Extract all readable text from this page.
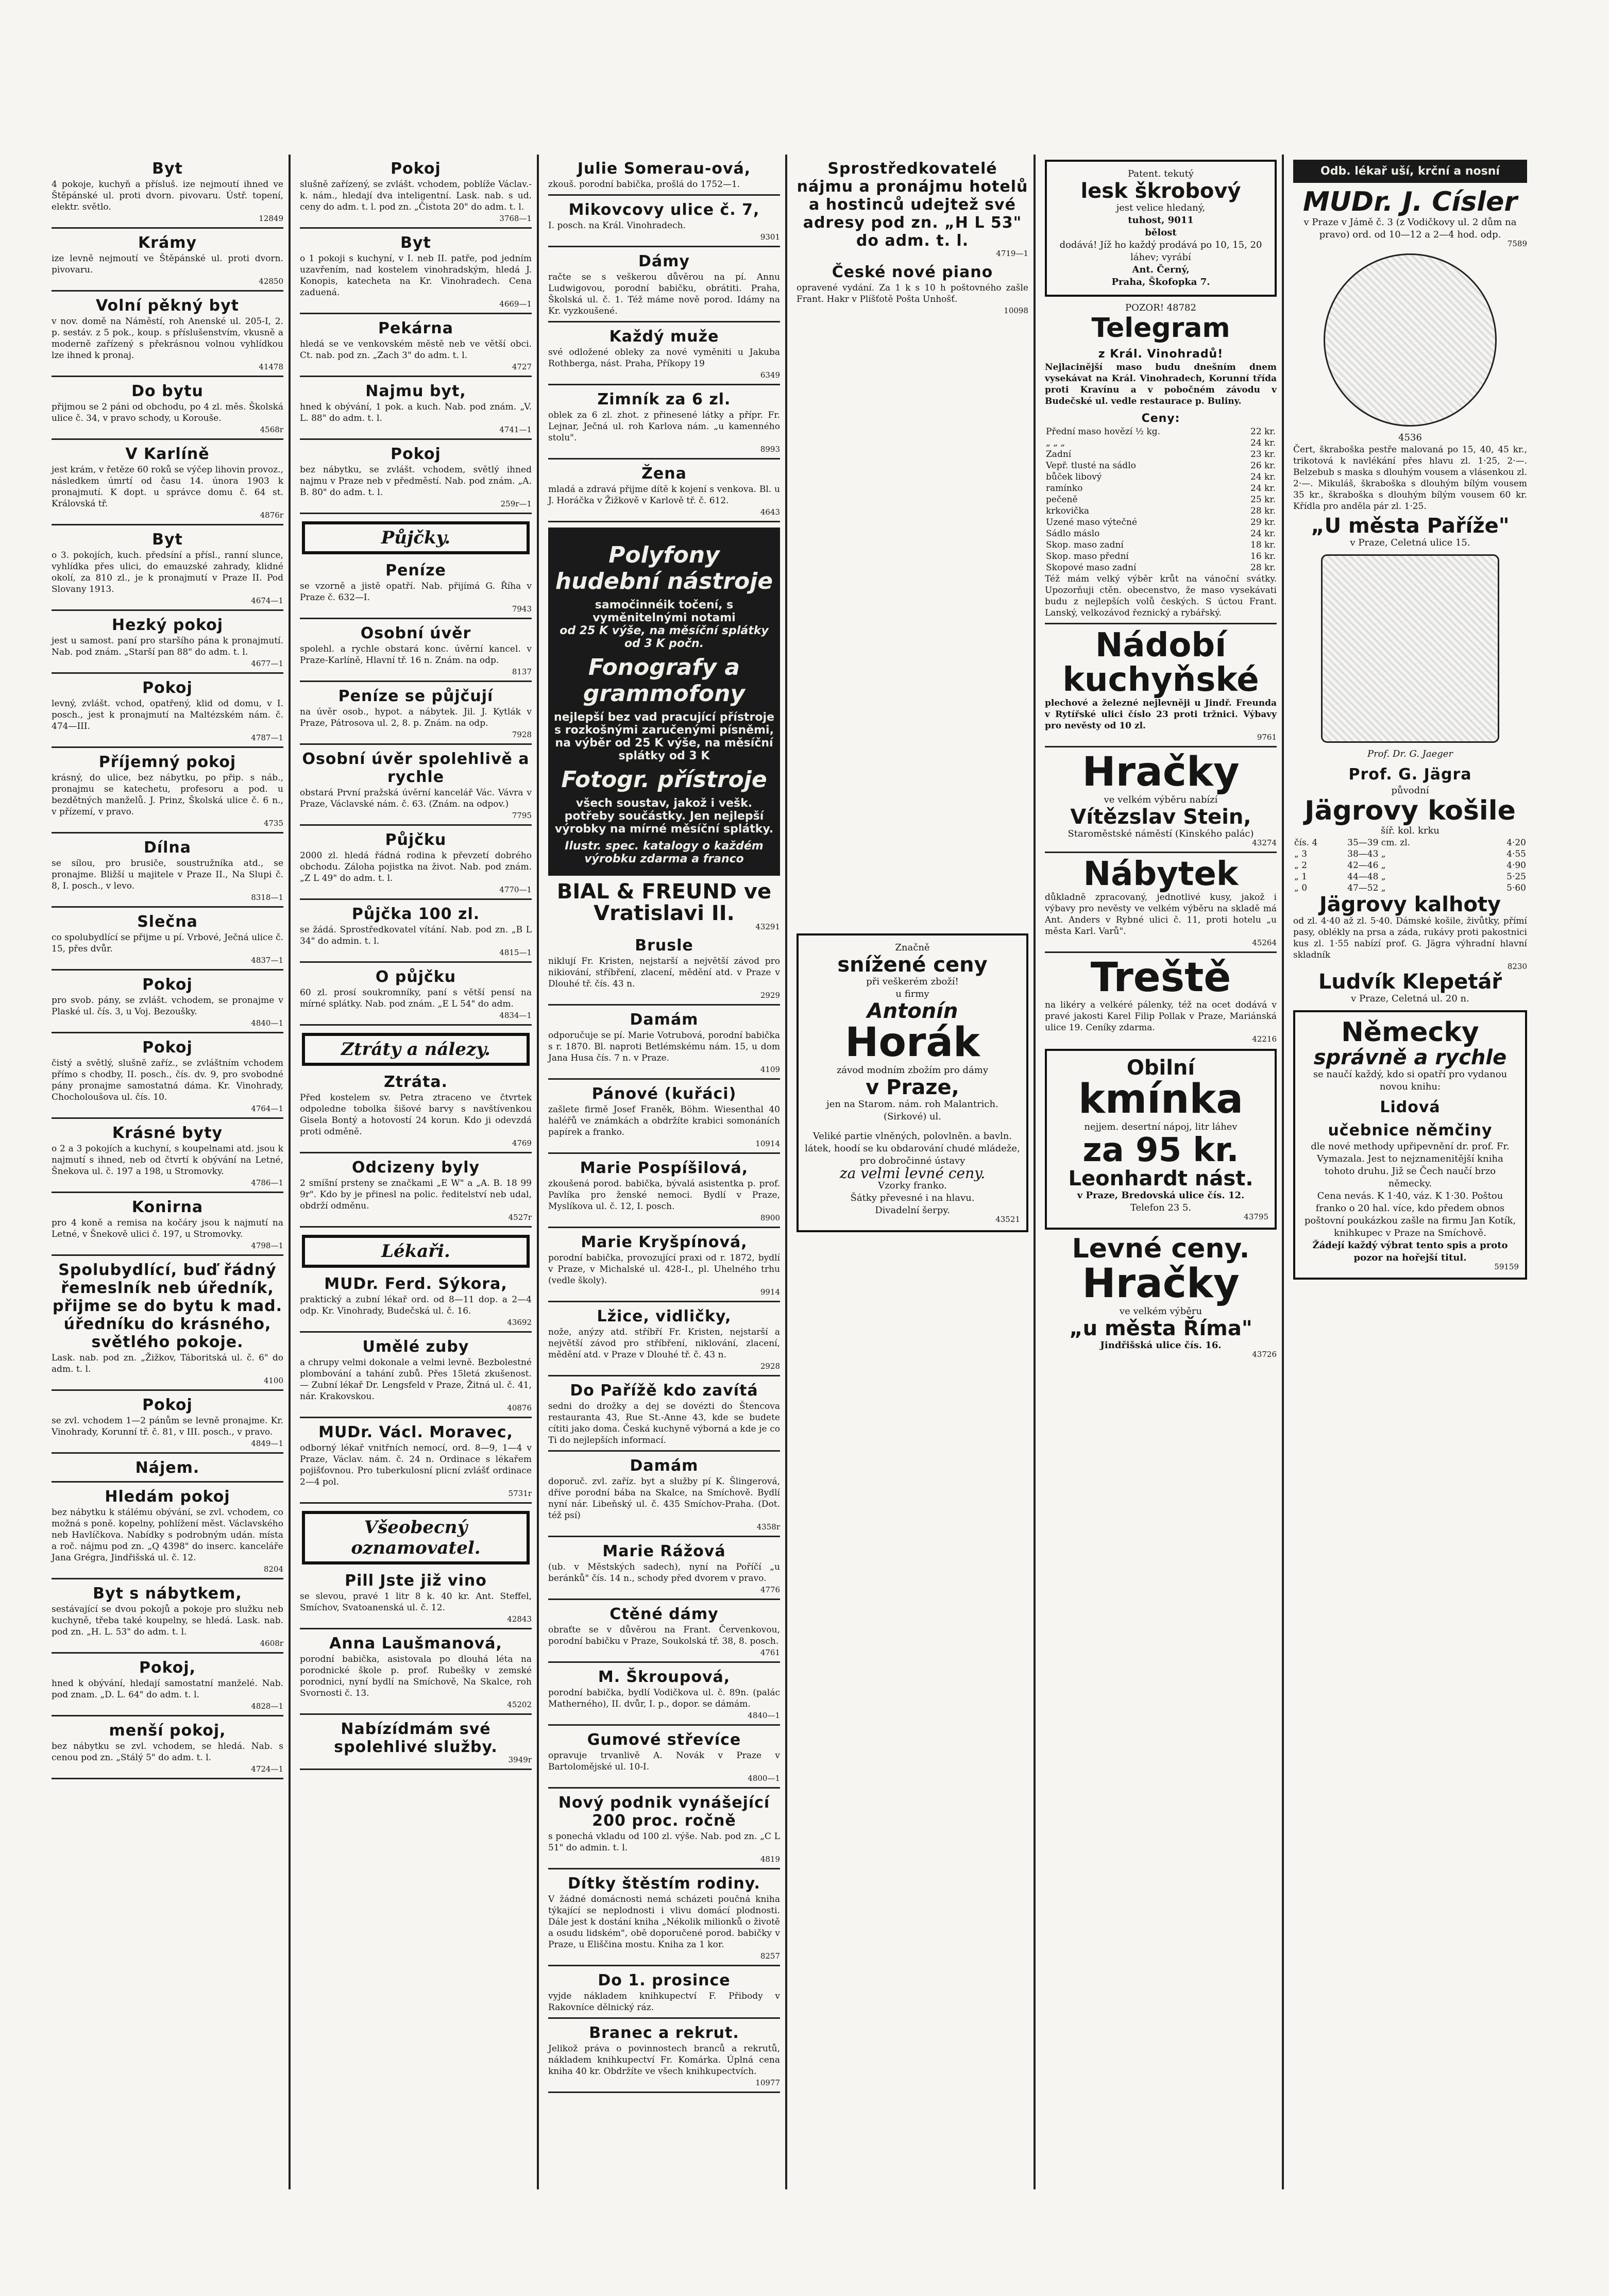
Byt

4 pokoje, kuchyň a přísluš. ize nejmoutí ihned ve Štěpánské ul. proti dvorn. pivovaru. Ústř. topení, elektr. světlo.

12849
Krámy

ize levně nejmoutí ve Štěpánské ul. proti dvorn. pivovaru.

42850
Volní pěkný byt

v nov. domě na Náměstí, roh Anenské ul. 205-I, 2. p. sestáv. z 5 pok., koup. s příslušenstvím, vkusně a moderně zařízený s překrásnou volnou vyhlídkou lze ihned k pronaj.

41478
Do bytu

přijmou se 2 páni od obchodu, po 4 zl. měs. Školská ulice č. 34, v pravo schody, u Korouše.

4568r
V Karlíně

jest krám, v řetěze 60 roků se výčep lihovin provoz., následkem úmrtí od času 14. února 1903 k pronajmutí. K dopt. u správce domu č. 64 st. Královská tř.

4876r
Byt

o 3. pokojích, kuch. předsíní a přísl., ranní slunce, vyhlídka přes ulici, do emauzské zahrady, klidné okolí, za 810 zl., je k pronajmutí v Praze II. Pod Slovany 1913.

4674—1
Hezký pokoj

jest u samost. paní pro staršího pána k pronajmutí. Nab. pod znám. „Starší pan 88" do adm. t. l.

4677—1
Pokoj

levný, zvlášt. vchod, opatřený, klid od domu, v I. posch., jest k pronajmutí na Maltézském nám. č. 474—III.

4787—1
Příjemný pokoj

krásný, do ulice, bez nábytku, po přip. s náb., pronajmu se katechetu, profesoru a pod. u bezdětných manželů. J. Prinz, Školská ulice č. 6 n., v přízemí, v pravo.

4735
Dílna

se sílou, pro brusiče, soustružníka atd., se pronajme. Bližší u majitele v Praze II., Na Slupi č. 8, I. posch., v levo.

8318—1
Slečna

co spolubydlící se přijme u pí. Vrbové, Ječná ulice č. 15, přes dvůr.

4837—1
Pokoj

pro svob. pány, se zvlášt. vchodem, se pronajme v Plaské ul. čís. 3, u Voj. Bezoušky.

4840—1
Pokoj

čistý a světlý, slušně zaříz., se zvláštním vchodem přímo s chodby, II. posch., čís. dv. 9, pro svobodné pány pronajme samostatná dáma. Kr. Vinohrady, Chocholoušova ul. čís. 10.

4764—1
Krásné byty

o 2 a 3 pokojích a kuchyní, s koupelnami atd. jsou k najmutí s ihned, neb od čtvrtí k obývání na Letné, Šnekova ul. č. 197 a 198, u Stromovky.

4786—1
Konirna

pro 4 koně a remisa na kočáry jsou k najmutí na Letné, v Šnekově ulici č. 197, u Stromovky.

4798—1
Spolubydlící, buď řádný řemeslník neb úředník, přijme se do bytu k mad. úředníku do krásného, světlého pokoje.

Lask. nab. pod zn. „Žižkov, Táboritská ul. č. 6" do adm. t. l.

4100
Pokoj

se zvl. vchodem 1—2 pánům se levně pronajme. Kr. Vinohrady, Korunní tř. č. 81, v III. posch., v pravo.

4849—1
Nájem.
Hledám pokoj

bez nábytku k stálému obývání, se zvl. vchodem, co možná s poně. kopelny, pohlížení měst. Václavského neb Havlíčkova. Nabídky s podrobným udán. místa a roč. nájmu pod zn. „Q 4398" do inserc. kanceláře Jana Grégra, Jindřišská ul. č. 12.

8204
Byt s nábytkem,

sestávající se dvou pokojů a pokoje pro služku neb kuchyně, třeba také koupelny, se hledá. Lask. nab. pod zn. „H. L. 53" do adm. t. l.

4608r
Pokoj,

hned k obývání, hledají samostatní manželé. Nab. pod znam. „D. L. 64" do adm. t. l.

4828—1
menší pokoj,

bez nábytku se zvl. vchodem, se hledá. Nab. s cenou pod zn. „Stálý 5" do adm. t. l.

4724—1
Pokoj

slušně zařízený, se zvlášt. vchodem, poblíže Václav.-k. nám., hledají dva inteligentní. Lask. nab. s ud. ceny do adm. t. l. pod zn. „Čistota 20" do adm. t. l.

3768—1
Byt

o 1 pokoji s kuchyní, v I. neb II. patře, pod jedním uzavřením, nad kostelem vinohradským, hledá J. Konopis, katecheta na Kr. Vinohradech. Cena zaduená.

4669—1
Pekárna

hledá se ve venkovském městě neb ve větší obci. Ct. nab. pod zn. „Zach 3" do adm. t. l.

4727
Najmu byt,

hned k obývání, 1 pok. a kuch. Nab. pod znám. „V. L. 88" do adm. t. l.

4741—1
Pokoj

bez nábytku, se zvlášt. vchodem, světlý ihned najmu v Praze neb v předměstí. Nab. pod znám. „A. B. 80" do adm. t. l.

259r—1
Půjčky.
Peníze

se vzorně a jistě opatří. Nab. přijímá G. Říha v Praze č. 632—I.

7943
Osobní úvěr

spolehl. a rychle obstará konc. úvěrní kancel. v Praze-Karlíně, Hlavní tř. 16 n. Znám. na odp.

8137
Peníze se půjčují

na úvěr osob., hypot. a nábytek. Jil. J. Kytlák v Praze, Pátrosova ul. 2, 8. p. Znám. na odp.

7928
Osobní úvěr spolehlivě a rychle

obstará První pražská úvěrní kancelář Vác. Vávra v Praze, Václavské nám. č. 63. (Znám. na odpov.)

7795
Půjčku

2000 zl. hledá řádná rodina k převzetí dobrého obchodu. Záloha pojistka na život. Nab. pod znám. „Z L 49" do adm. t. l.

4770—1
Půjčka 100 zl.

se žádá. Sprostředkovatel vítání. Nab. pod zn. „B L 34" do admin. t. l.

4815—1
O půjčku

60 zl. prosí soukromníky, paní s větší pensí na mírné splátky. Nab. pod znám. „E L 54" do adm.

4834—1
Ztráty a nálezy.
Ztráta.

Před kostelem sv. Petra ztraceno ve čtvrtek odpoledne tobolka šišové barvy s navštívenkou Gisela Bontý a hotovostí 24 korun. Kdo ji odevzdá proti odměně.

4769
Odcizeny byly

2 smíšní prsteny se značkami „E W" a „A. B. 18 99 9r". Kdo by je přinesl na polic. ředitelství neb udal, obdrží odměnu.

4527r
Lékaři.
MUDr. Ferd. Sýkora,

praktický a zubní lékař ord. od 8—11 dop. a 2—4 odp. Kr. Vinohrady, Budečská ul. č. 16.

43692
Umělé zuby

a chrupy velmi dokonale a velmi levně. Bezbolestné plombování a tahání zubů. Přes 15letá zkušenost. — Zubní lékař Dr. Lengsfeld v Praze, Žitná ul. č. 41, nár. Krakovskou.

40876
MUDr. Václ. Moravec,

odborný lékař vnitřních nemocí, ord. 8—9, 1—4 v Praze, Václav. nám. č. 24 n. Ordinace s lékařem pojišťovnou. Pro tuberkulosní plicní zvlášť ordinace 2—4 pol.

5731r
Všeobecný oznamovatel.
Pill Jste již vino

se slevou, pravé 1 litr 8 k. 40 kr. Ant. Steffel, Smíchov, Svatoanenská ul. č. 12.

42843
Anna Laušmanová,

porodní babička, asistovala po dlouhá léta na porodnické škole p. prof. Rubešky v zemské porodnici, nyní bydlí na Smíchově, Na Skalce, roh Svornosti č. 13.

45202
Nabízídmám své spolehlivé služby.
3949r
Julie Somerau-ová,

zkouš. porodní babička, prošlá do 1752—1.

Mikovcovy ulice č. 7,

I. posch. na Král. Vinohradech.

9301
Dámy

račte se s veškerou důvěrou na pí. Annu Ludwigovou, porodní babičku, obrátiti. Praha, Školská ul. č. 1. Též máme nově porod. Idámy na Kr. vyzkoušené.

Každý muže

své odložené obleky za nové vyměniti u Jakuba Rothberga, nást. Praha, Příkopy 19

6349
Zimník za 6 zl.

oblek za 6 zl. zhot. z přinesené látky a přípr. Fr. Lejnar, Ječná ul. roh Karlova nám. „u kamenného stolu".

8993
Žena

mladá a zdravá přijme dítě k kojení s venkova. Bl. u J. Horáčka v Žižkově v Karlově tř. č. 612.

4643
Polyfony hudební nástroje
samočinnéik točení, s vyměnitelnými notami
od 25 K výše, na měsíční splátky od 3 K počn.
Fonografy a grammofony
nejlepší bez vad pracující přístroje s rozkošnými zaručenými písněmi, na výběr od 25 K výše, na měsíční splátky od 3 K
Fotogr. přístroje
všech soustav, jakož i vešk. potřeby součástky. Jen nejlepší výrobky na mírné měsíční splátky.
Ilustr. spec. katalogy o každém výrobku zdarma a franco
BIAL & FREUND ve Vratislavi II.
43291
Brusle

niklují Fr. Kristen, nejstarší a největší závod pro nikiování, stříbření, zlacení, mědění atd. v Praze v Dlouhé tř. čís. 43 n.

2929
Damám

odporučuje se pí. Marie Votrubová, porodní babička s r. 1870. Bl. naproti Betlémskému nám. 15, u dom Jana Husa čís. 7 n. v Praze.

4109
Pánové (kuřáci)

zašlete firmě Josef Franěk, Böhm. Wiesenthal 40 haléřů ve známkách a obdržíte krabici somonáních papírek a franko.

10914
Marie Pospíšilová,

zkoušená porod. babička, bývalá asistentka p. prof. Pavlíka pro ženské nemoci. Bydlí v Praze, Myslíkova ul. č. 12, I. posch.

8900
Marie Kryšpínová,

porodní babička, provozující praxi od r. 1872, bydlí v Praze, v Michalské ul. 428-I., pl. Uhelného trhu (vedle školy).

9914
Lžice, vidličky,

nože, anýzy atd. stříbří Fr. Kristen, nejstarší a největší závod pro stříbření, niklování, zlacení, mědění atd. v Praze v Dlouhé tř. č. 43 n.

2928
Do Pařížě kdo zavítá

sedni do drožky a dej se dovézti do Štencova restauranta 43, Rue St.-Anne 43, kde se budete cítiti jako doma. Česká kuchyně výborná a kde je co Ti do nejlepších informací.

Damám

doporuč. zvl. zaříz. byt a služby pí K. Šlingerová, dříve porodní bába na Skalce, na Smíchově. Bydlí nyní nár. Libeňský ul. č. 435 Smíchov-Praha. (Dot. též psí)

4358r
Marie Rážová

(ub. v Městských sadech), nyní na Poříčí „u beránků" čís. 14 n., schody před dvorem v pravo.

4776
Ctěné dámy

obraťte se v důvěrou na Frant. Červenkovou, porodní babičku v Praze, Soukolská tř. 38, 8. posch.

4761
M. Škroupová,

porodní babička, bydlí Vodičkova ul. č. 89n. (palác Matherného), II. dvůr, I. p., dopor. se dámám.

4840—1
Gumové střevíce

opravuje trvanlivě A. Novák v Praze v Bartolomějské ul. 10-I.

4800—1
Nový podnik vynášející 200 proc. ročně

s ponechá vkladu od 100 zl. výše. Nab. pod zn. „C L 51" do admin. t. l.

4819
Dítky štěstím rodiny.

V žádné domácnosti nemá scházeti poučná kniha týkající se neplodnosti i vlivu domácí plodnosti. Dále jest k dostání kniha „Nékolik milionků o životě a osudu lidském", obě doporučené porod. babičky v Praze, u Eliščina mostu. Kniha za 1 kor.

8257
Do 1. prosince

vyjde nákladem knihkupectví F. Přibody v Rakovníce dělnický ráz.

Branec a rekrut.

Jelikož práva o povinnostech branců a rekrutů, nákladem knihkupectví Fr. Komárka. Úplná cena kniha 40 kr. Obdržíte ve všech knihkupectvích.

10977
Sprostředkovatelé nájmu a pronájmu hotelů a hostinců udejtež své adresy pod zn. „H L 53" do adm. t. l.
4719—1
České nové piano

opravené vydání. Za 1 k s 10 h poštovného zašle Frant. Hakr v Plíšťotě Pošta Unhošť.

10098
Značně
snížené ceny
při veškerém zboží!
u firmy
Antonín
Horák
závod modním zbožím pro dámy
v Praze,
jen na Starom. nám. roh Malantrich. (Sirkové) ul.
Veliké partie vlněných, polovlněn. a bavln. látek, hoodí se ku obdarování chudé mládeže, pro dobročinné ústavy
za velmi levné ceny.
Vzorky franko.
Šátky převesné i na hlavu.
Divadelní šerpy.
43521
Patent. tekutý
lesk škrobový
jest velice hledaný,
tuhost, 9011
bělost
dodává! Jíž ho každý prodává po 10, 15, 20 láhev; vyrábí
Ant. Černý,
Praha, Škofopka 7.
POZOR! 48782
Telegram
z Král. Vinohradů!

Nejlacinější maso budu dnešním dnem vysekávat na Král. Vinohradech, Korunní třída proti Kravínu a v pobočném závodu v Budečské ul. vedle restaurace p. Buliny.

Ceny:
Přední maso hovězí ½ kg.	22 kr.
„ „ „	24 kr.
Zadní	23 kr.
Vepř. tlusté na sádlo	26 kr.
bůček libový	24 kr.
ramínko	24 kr.
pečeně	25 kr.
krkovička	28 kr.
Uzené maso výtečné	29 kr.
Sádlo máslo	24 kr.
Skop. maso zadní	18 kr.
Skop. maso přední	16 kr.
Skopové maso zadní	28 kr.

Též mám velký výběr krůt na vánoční svátky. Upozorňuji ctěn. obecenstvo, že maso vysekávati budu z nejlepších volů českých. S úctou Frant. Lanský, velkozávod řeznický a rybářský.

Nádobí
kuchyňské

plechové a železné nejlevněji u Jindř. Freunda v Rytířské ulici číslo 23 proti tržnici. Výbavy pro nevěsty od 10 zl.

9761
Hračky
ve velkém výběru nabízí
Vítězslav Stein,
Staroměstské náměstí (Kinského palác)
43274
Nábytek

důkladně zpracovaný, jednotlivé kusy, jakož i výbavy pro nevěsty ve velkém výběru na skladě má Ant. Anders v Rybné ulici č. 11, proti hotelu „u města Karl. Varů".

45264
Treště

na likéry a velkéré pálenky, též na ocet dodává v pravé jakosti Karel Filip Pollak v Praze, Mariánská ulice 19. Ceníky zdarma.

42216
Obilní
kmínka
nejjem. desertní nápoj, litr láhev
za 95 kr.
Leonhardt nást.
v Praze, Bredovská ulice čís. 12.
Telefon 23 5.
43795
Levné ceny.
Hračky
ve velkém výběru
„u města Říma"
Jindřišská ulice čís. 16.
43726
Odb. lékař uší, krční a nosní
MUDr. J. Císler
v Praze v Jámě č. 3 (z Vodičkovy ul. 2 dům na pravo) ord. od 10—12 a 2—4 hod. odp.
7589
4536

Čert, škraboška pestře malovaná po 15, 40, 45 kr., trikotová k navlékání přes hlavu zl. 1·25, 2·—. Belzebub s maska s dlouhým vousem a vlásenkou zl. 2·—. Mikuláš, škraboška s dlouhým bílým vousem 35 kr., škraboška s dlouhým bílým vousem 60 kr. Křídla pro anděla pár zl. 1·25.

„U města Paříže"
v Praze, Celetná ulice 15.
Prof. Dr. G. Jaeger
Prof. G. Jägra
původní
Jägrovy košile
šíř. kol. krku
čís. 4	35—39 cm. zl.	4·20
„ 3	38—43 „	4·55
„ 2	42—46 „	4·90
„ 1	44—48 „	5·25
„ 0	47—52 „	5·60
Jägrovy kalhoty

od zl. 4·40 až zl. 5·40. Dámské košile, živůtky, přímí pasy, oblékly na prsa a záda, rukávy proti pakostnici kus zl. 1·55 nabízí prof. G. Jägra výhradní hlavní skladník

8230
Ludvík Klepetář
v Praze, Celetná ul. 20 n.
Německy
správně a rychle
se naučí každý, kdo si opatří pro vydanou novou knihu:
Lidová
učebnice němčiny
dle nové methody upřipevnění dr. prof. Fr. Vymazala. Jest to nejznamenitější kniha tohoto druhu. Již se Čech naučí brzo německy.
Cena nevás. K 1·40, váz. K 1·30. Poštou franko o 20 hal. více, kdo předem obnos poštovní poukázkou zašle na firmu Jan Kotík, knihkupec v Praze na Smíchově.
Žádejí každý výbrat tento spis a proto pozor na hořejší titul.
59159
